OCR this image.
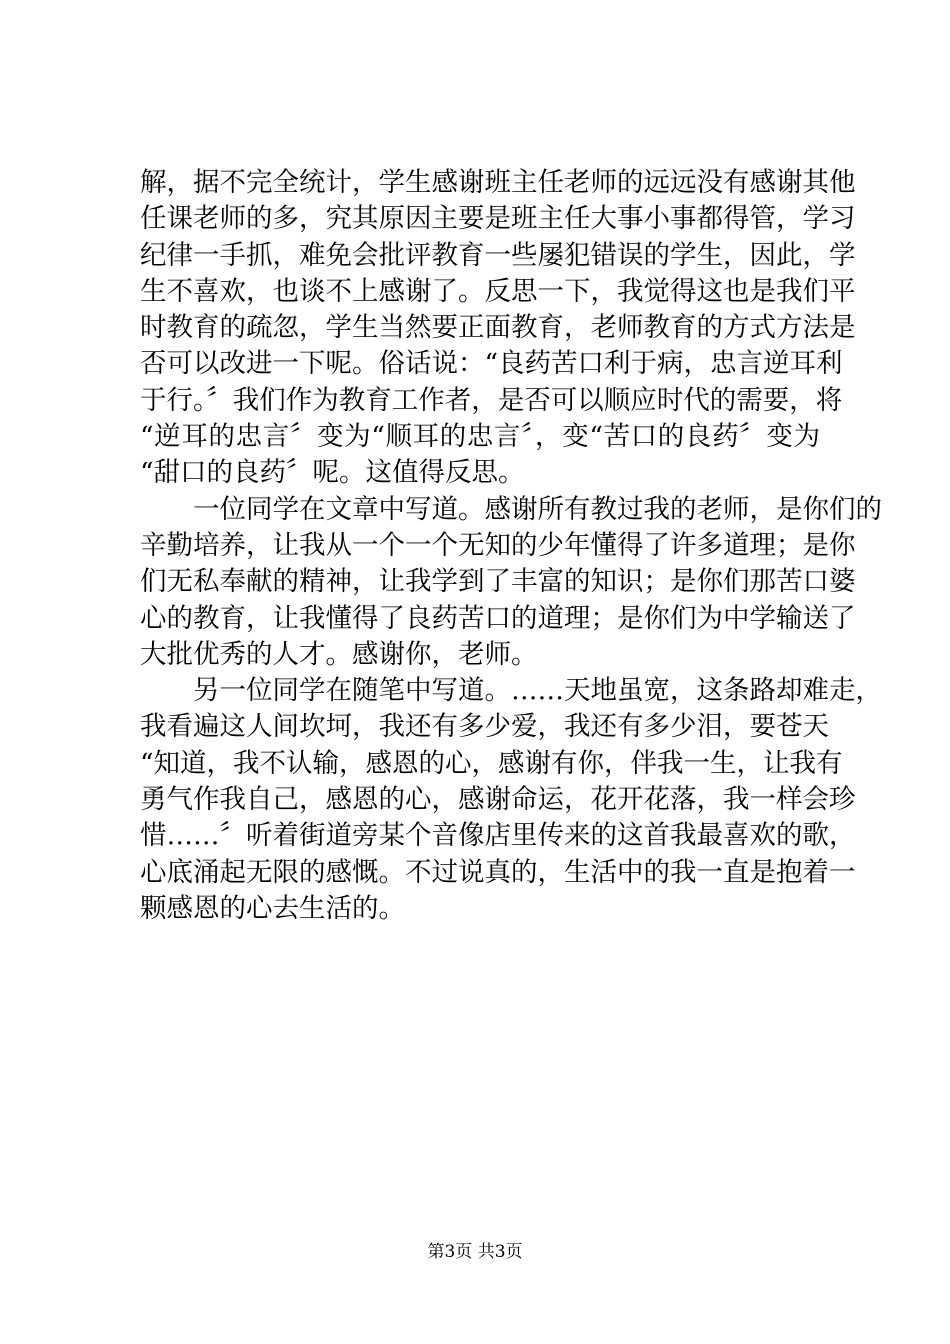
解，据不完全统计，学生感谢班主任老师的远远没有感谢其他
任课老师的多，究其原因主要是班主任大事小事都得管，学习
纪律一手抓，难免会批评教育一些屡犯错误的学生，因此，学
生不喜欢，也谈不上感谢了。反思一下，我觉得这也是我们平
时教育的疏忽，学生当然要正面教育，老师教育的方式方法是
否可以改进一下呢。俗话说：“良药苦口利于病，忠言逆耳利
于行。〞我们作为教育工作者，是否可以顺应时代的需要，将
“逆耳的忠言〞变为“顺耳的忠言〞，变“苦口的良药〞变为
“甜口的良药〞呢。这值得反思。
　　一位同学在文章中写道。感谢所有教过我的老师，是你们的
辛勤培养，让我从一个一个无知的少年懂得了许多道理；是你
们无私奉献的精神，让我学到了丰富的知识；是你们那苦口婆
心的教育，让我懂得了良药苦口的道理；是你们为中学输送了
大批优秀的人才。感谢你，老师。
　　另一位同学在随笔中写道。……天地虽宽，这条路却难走，
我看遍这人间坎坷，我还有多少爱，我还有多少泪，要苍天
“知道，我不认输，感恩的心，感谢有你，伴我一生，让我有
勇气作我自己，感恩的心，感谢命运，花开花落，我一样会珍
惜……〞听着街道旁某个音像店里传来的这首我最喜欢的歌，
心底涌起无限的感慨。不过说真的，生活中的我一直是抱着一
颗感恩的心去生活的。
第3页 共3页
